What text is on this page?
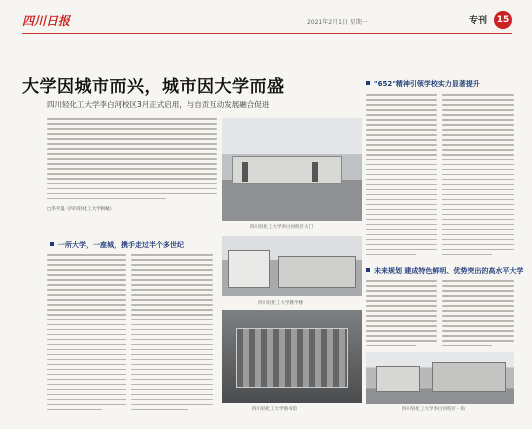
四川日报	2021年2月1日 星期一	专刊	15
大学因城市而兴，城市因大学而盛
四川轻化工大学李白河校区3月正式启用，与自贡互动发展融合促进
□李平曼（四川轻化工大学供稿）
四川轻化工大学李白河校区大门
一所大学，一座城，携手走过半个多世纪
四川轻化工大学教学楼
四川轻化工大学图书馆
"652"精神引领学校实力显著提升
未来规划 建成特色鲜明、优势突出的高水平大学
四川轻化工大学李白河校区一角
